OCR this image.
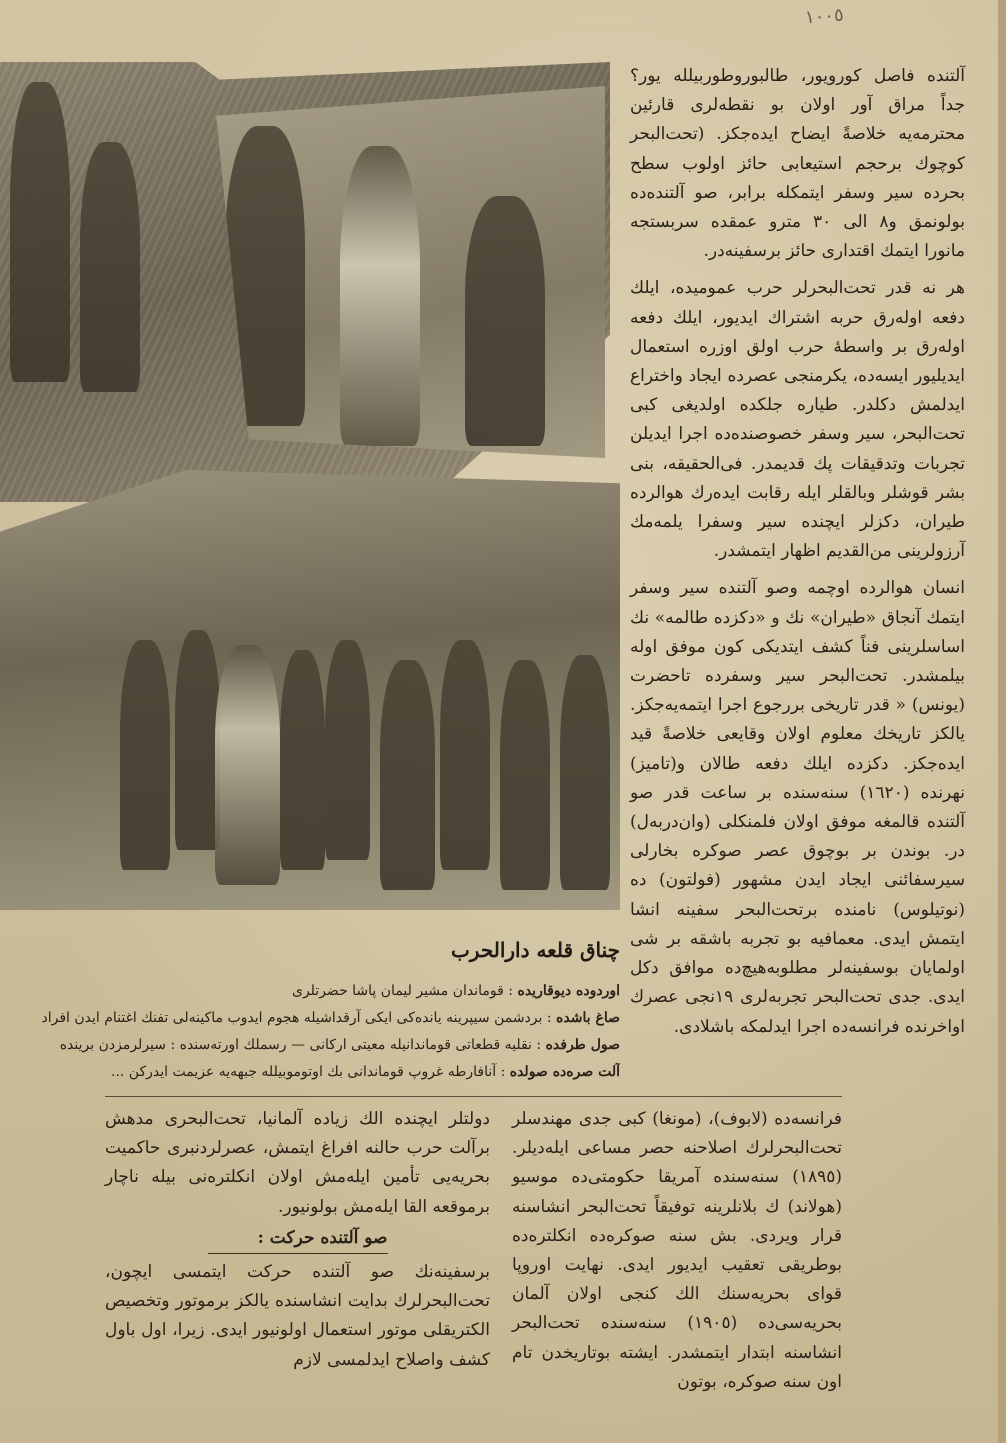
١٠٠٥
چناق قلعه دارالحرب
اوردوده ديوقاريده : قوماندان مشير ليمان پاشا حضرتلرى
صاغ باشده : بردشمن سيپرينه يانده‌كى ايكى آرقداشيله هجوم ايدوب ماكينه‌لى تفنك اغتنام ايدن افراد
صول طرفده : نقليه قطعاتى قوماندانيله معيتى اركانى — رسملك اورته‌سنده : سيرلرمزدن برينده
آلت صره‌ده صولده : آنافارطه غروپ قوماندانى بك اوتوموبيلله جبهه‌يه عزيمت ايدركن ...

آلتنده فاصل كورويور، طالبوروطوربيلله يور؟ جداً مراق آور اولان بو نقطه‌لرى قارئين محترمه‌يه خلاصةً ايضاح ايده‌جكز. (تحت‌البحر كوچوك برحجم استيعابى حائز اولوب سطح بحرده سير وسفر ايتمكله برابر، صو آلتنده‌ده بولونمق و٨ الى ٣٠ مترو عمقده سربستجه مانورا ايتمك اقتدارى حائز برسفينه‌در.

هر نه قدر تحت‌البحرلر حرب عموميده، ايلك دفعه اوله‌رق حربه اشتراك ايديور، ايلك دفعه اوله‌رق بر واسطهٔ حرب اولق اوزره استعمال ايديليور ايسه‌ده، يكرمنجى عصرده ايجاد واختراع ايدلمش دكلدر. طياره جلكده اولديغى كبى تحت‌البحر، سير وسفر خصوصنده‌ده اجرا ايديلن تجربات وتدقيقات پك قديمدر. فى‌الحقيقه، بنى بشر قوشلر وبالقلر ايله رقابت ايده‌رك هوالرده طيران، دكزلر ايچنده سير وسفرا يلمه‌مك آرزولرينى من‌القديم اظهار ايتمشدر.

انسان هوالرده اوچمه وصو آلتنده سير وسفر ايتمك آنجاق «طيران» نك و «دكزده طالمه» نك اساسلرينى فناً كشف ايتديكى كون موفق اوله بيلمشدر. تحت‌البحر سير وسفرده تاحضرت (يونس) « قدر تاريخى بررجوع اجرا ايتمه‌يه‌جكز. يالكز تاريخك معلوم اولان وقايعى خلاصةً قيد ايده‌جكز. دكزده ايلك دفعه طالان و(تاميز) نهرنده (١٦٢٠) سنه‌سنده بر ساعت قدر صو آلتنده قالمغه موفق اولان فلمنكلى (وان‌دربه‌ل) در. بوندن بر بوچوق عصر صوكره بخارلى سيرسفائنى ايجاد ايدن مشهور (فولتون) ده (نوتيلوس) نامنده برتحت‌البحر سفينه انشا ايتمش ايدى. معمافيه بو تجربه باشقه بر شى اولمايان بوسفينه‌لر مطلوبه‌هيچ‌ده موافق دكل ايدى. جدى تحت‌البحر تجربه‌لرى ١٩نجى عصرك اواخرنده فرانسه‌ده اجرا ايدلمكه باشلادى.

دولتلر ايچنده الك زياده آلمانيا، تحت‌البحرى مدهش برآلت حرب حالنه افراغ ايتمش، عصرلردنبرى حاكميت بحريه‌يى تأمين ايله‌مش اولان انكلتره‌نى بيله ناچار برموقعه القا ايله‌مش بولونيور.
صو آلتنده حركت :
برسفينه‌نك صو آلتنده حركت ايتمسى ايچون، تحت‌البحرلرك بدايت انشاسنده يالكز برموتور وتخصيص الكتريقلى موتور استعمال اولونيور ايدى. زيرا، اول باول كشف واصلاح ايدلمسى لازم
فرانسه‌ده (لابوف)، (مونغا) كبى جدى مهندسلر تحت‌البحرلرك اصلاحنه حصر مساعى ايله‌ديلر. (١٨٩٥) سنه‌سنده آمريقا حكومتى‌ده موسيو (هولاند) ك بلانلرينه توفيقاً تحت‌البحر انشاسنه قرار ويردى. بش سنه صوكره‌ده انكلتره‌ده بوطريقى تعقيب ايديور ايدى. نهايت اوروپا قواى بحريه‌سنك الك كنجى اولان آلمان بحريه‌سى‌ده (١٩٠٥) سنه‌سنده تحت‌البحر انشاسنه ابتدار ايتمشدر. ايشته بوتاريخدن تام اون سنه صوكره، بوتون
